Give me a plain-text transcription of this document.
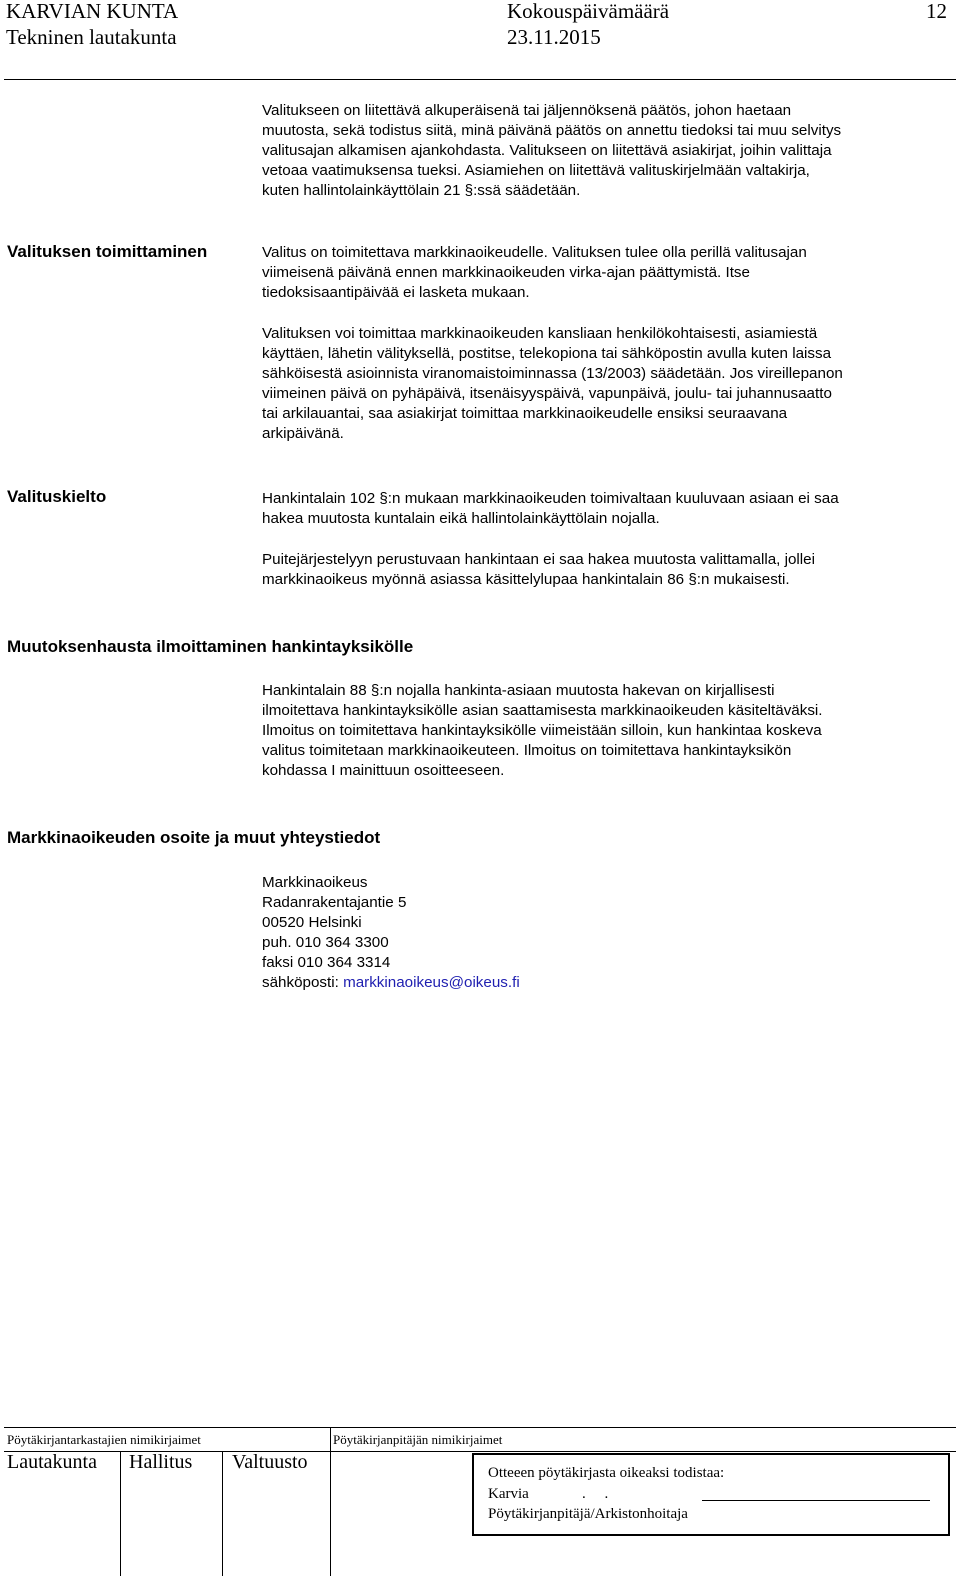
KARVIAN KUNTA
Tekninen lautakunta
Kokouspäivämäärä
23.11.2015
12
Valitukseen on liitettävä alkuperäisenä tai jäljennöksenä päätös, johon haetaan
muutosta, sekä todistus siitä, minä päivänä päätös on annettu tiedoksi tai muu selvitys
valitusajan alkamisen ajankohdasta. Valitukseen on liitettävä asiakirjat, joihin valittaja
vetoaa vaatimuksensa tueksi. Asiamiehen on liitettävä valituskirjelmään valtakirja,
kuten hallintolainkäyttölain 21 §:ssä säädetään.
Valituksen toimittaminen	Valitus on toimitettava markkinaoikeudelle. Valituksen tulee olla perillä valitusajan
viimeisenä päivänä ennen markkinaoikeuden virka-ajan päättymistä. Itse
tiedoksisaantipäivää ei lasketa mukaan.
Valituksen voi toimittaa markkinaoikeuden kansliaan henkilökohtaisesti, asiamiestä
käyttäen, lähetin välityksellä, postitse, telekopiona tai sähköpostin avulla kuten laissa
sähköisestä asioinnista viranomaistoiminnassa (13/2003) säädetään. Jos vireillepanon
viimeinen päivä on pyhäpäivä, itsenäisyyspäivä, vapunpäivä, joulu- tai juhannusaatto
tai arkilauantai, saa asiakirjat toimittaa markkinaoikeudelle ensiksi seuraavana
arkipäivänä.
Valituskielto	Hankintalain 102 §:n mukaan markkinaoikeuden toimivaltaan kuuluvaan asiaan ei saa
hakea muutosta kuntalain eikä hallintolainkäyttölain nojalla.
Puitejärjestelyyn perustuvaan hankintaan ei saa hakea muutosta valittamalla, jollei
markkinaoikeus myönnä asiassa käsittelylupaa hankintalain 86 §:n mukaisesti.
Muutoksenhausta ilmoittaminen hankintayksikölle
Hankintalain 88 §:n nojalla hankinta-asiaan muutosta hakevan on kirjallisesti
ilmoitettava hankintayksikölle asian saattamisesta markkinaoikeuden käsiteltäväksi.
Ilmoitus on toimitettava hankintayksikölle viimeistään silloin, kun hankintaa koskeva
valitus toimitetaan markkinaoikeuteen. Ilmoitus on toimitettava hankintayksikön
kohdassa I mainittuun osoitteeseen.
Markkinaoikeuden osoite ja muut yhteystiedot
Markkinaoikeus
Radanrakentajantie 5
00520 Helsinki
puh. 010 364 3300
faksi 010 364 3314
sähköposti: markkinaoikeus@oikeus.fi
Pöytäkirjantarkastajien nimikirjaimet	Pöytäkirjanpitäjän nimikirjaimet
Lautakunta Hallitus Valtuusto	Otteeen pöytäkirjasta oikeaksi todistaa:
Karvia	.     .
Pöytäkirjanpitäjä/Arkistonhoitaja
